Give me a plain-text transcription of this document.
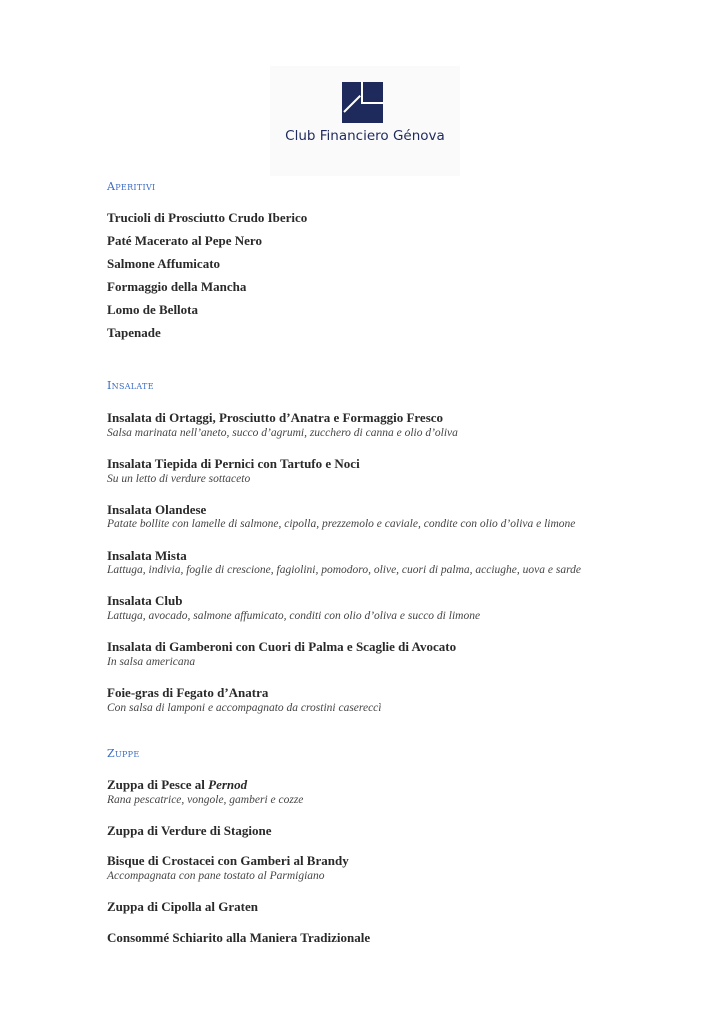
Club Financiero Génova
Aperitivi
Trucioli di Prosciutto Crudo Iberico
Paté Macerato al Pepe Nero
Salmone Affumicato
Formaggio della Mancha
Lomo de Bellota
Tapenade
Insalate
Insalata di Ortaggi, Prosciutto d’Anatra e Formaggio Fresco
Salsa marinata nell’aneto, succo d’agrumi, zucchero di canna e olio d’oliva
Insalata Tiepida di Pernici con Tartufo e Noci
Su un letto di verdure sottaceto
Insalata Olandese
Patate bollite con lamelle di salmone, cipolla, prezzemolo e caviale, condite con olio d’oliva e limone
Insalata Mista
Lattuga, indivia, foglie di crescione, fagiolini, pomodoro, olive, cuori di palma, acciughe, uova e sarde
Insalata Club
Lattuga, avocado, salmone affumicato, conditi con olio d’oliva e succo di limone
Insalata di Gamberoni con Cuori di Palma e Scaglie di Avocato
In salsa americana
Foie-gras di Fegato d’Anatra
Con salsa di lamponi e accompagnato da crostini casereccì
Zuppe
Zuppa di Pesce al Pernod
Rana pescatrice, vongole, gamberi e cozze
Zuppa di Verdure di Stagione
Bisque di Crostacei con Gamberi al Brandy
Accompagnata con pane tostato al Parmigiano
Zuppa di Cipolla al Graten
Consommé Schiarito alla Maniera Tradizionale
